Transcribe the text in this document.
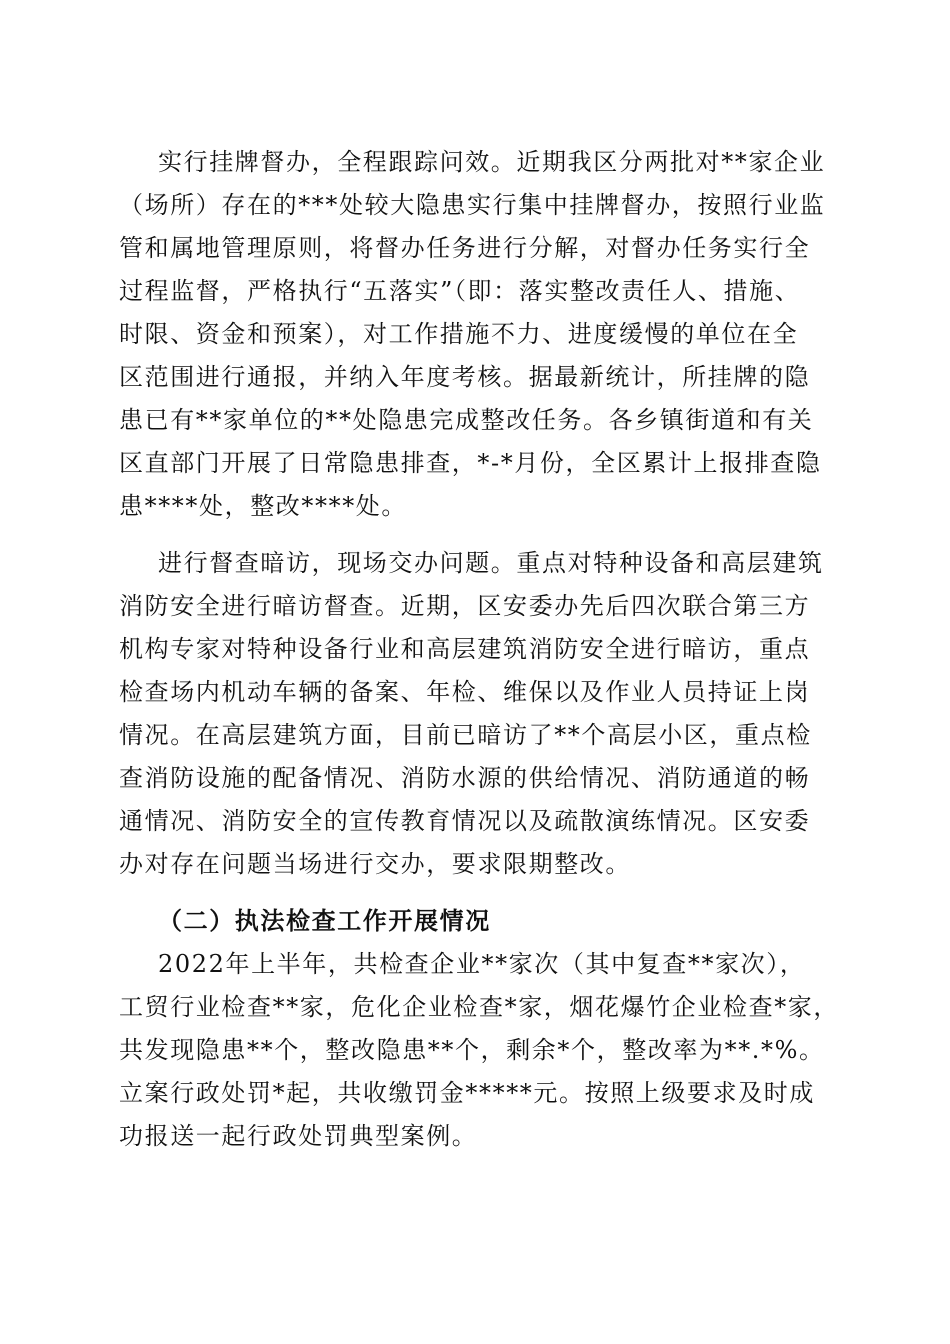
实行挂牌督办，全程跟踪问效。近期我区分两批对**家企业
（场所）存在的***处较大隐患实行集中挂牌督办，按照行业监
管和属地管理原则，将督办任务进行分解，对督办任务实行全
过程监督，严格执行“五落实”（即：落实整改责任人、措施、
时限、资金和预案），对工作措施不力、进度缓慢的单位在全
区范围进行通报，并纳入年度考核。据最新统计，所挂牌的隐
患已有**家单位的**处隐患完成整改任务。各乡镇街道和有关
区直部门开展了日常隐患排查，*-*月份，全区累计上报排查隐
患****处，整改****处。
进行督查暗访，现场交办问题。重点对特种设备和高层建筑
消防安全进行暗访督查。近期，区安委办先后四次联合第三方
机构专家对特种设备行业和高层建筑消防安全进行暗访，重点
检查场内机动车辆的备案、年检、维保以及作业人员持证上岗
情况。在高层建筑方面，目前已暗访了**个高层小区，重点检
查消防设施的配备情况、消防水源的供给情况、消防通道的畅
通情况、消防安全的宣传教育情况以及疏散演练情况。区安委
办对存在问题当场进行交办，要求限期整改。
（二）执法检查工作开展情况
2022年上半年，共检查企业**家次（其中复查**家次），
工贸行业检查**家，危化企业检查*家，烟花爆竹企业检查*家，
共发现隐患**个，整改隐患**个，剩余*个，整改率为**.*%。
立案行政处罚*起，共收缴罚金*****元。按照上级要求及时成
功报送一起行政处罚典型案例。
